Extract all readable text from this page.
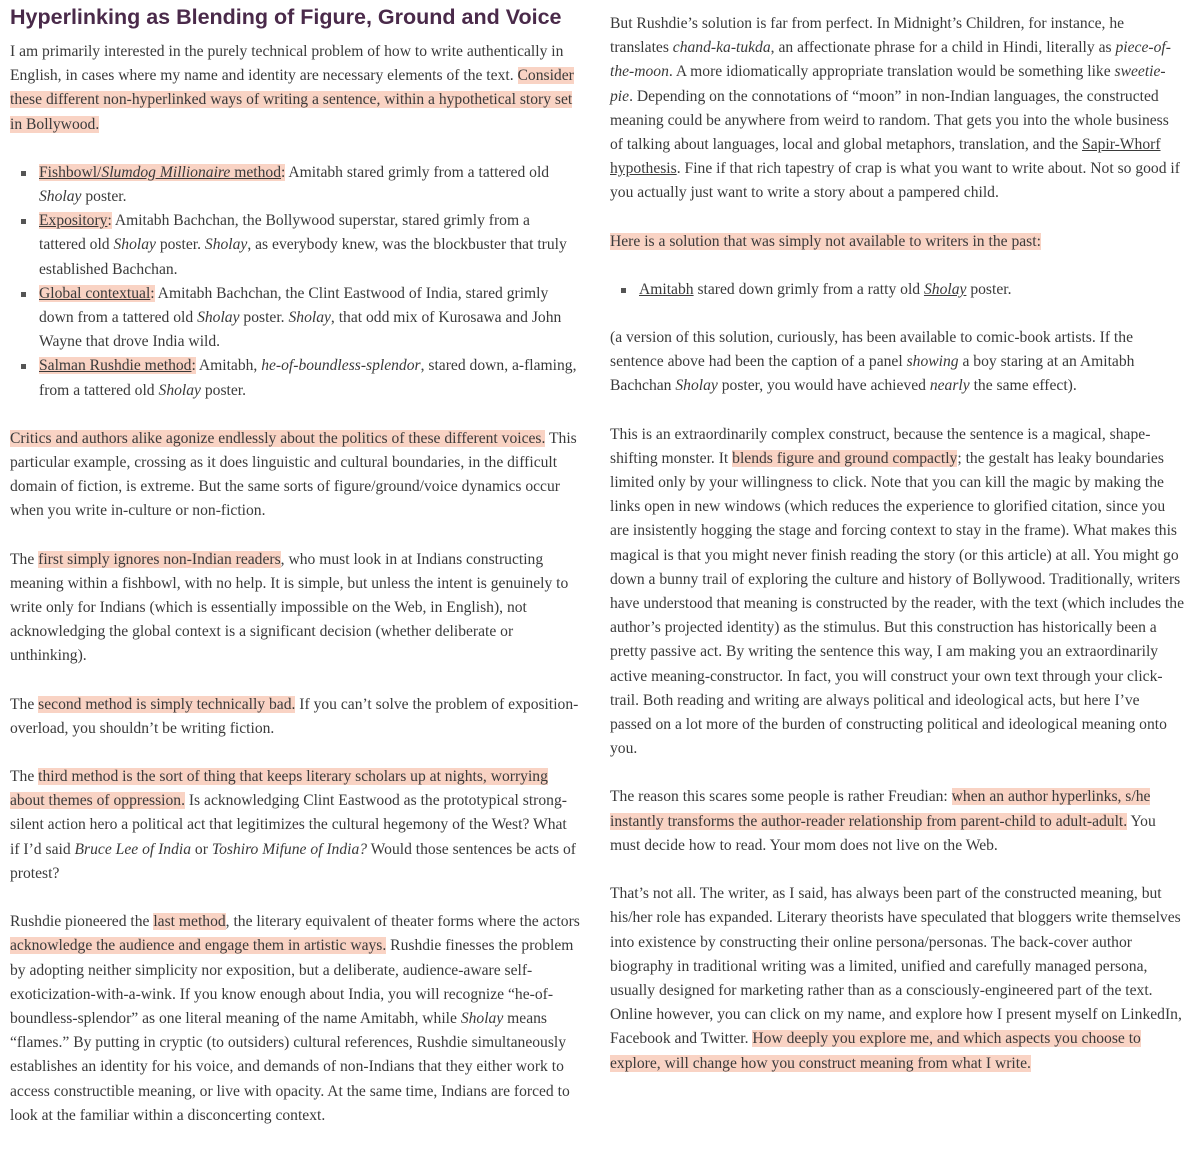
Hyperlinking as Blending of Figure, Ground and Voice

I am primarily interested in the purely technical problem of how to write authentically in English, in cases where my name and identity are necessary elements of the text. Consider these different non-hyperlinked ways of writing a sentence, within a hypothetical story set in Bollywood.

Fishbowl/Slumdog Millionaire method: Amitabh stared grimly from a tattered old Sholay poster.
Expository: Amitabh Bachchan, the Bollywood superstar, stared grimly from a tattered old Sholay poster. Sholay, as everybody knew, was the blockbuster that truly established Bachchan.
Global contextual: Amitabh Bachchan, the Clint Eastwood of India, stared grimly down from a tattered old Sholay poster. Sholay, that odd mix of Kurosawa and John Wayne that drove India wild.
Salman Rushdie method: Amitabh, he-of-boundless-splendor, stared down, a-flaming, from a tattered old Sholay poster.

Critics and authors alike agonize endlessly about the politics of these different voices. This particular example, crossing as it does linguistic and cultural boundaries, in the difficult domain of fiction, is extreme. But the same sorts of figure/ground/voice dynamics occur when you write in-culture or non-fiction.

The first simply ignores non-Indian readers, who must look in at Indians constructing meaning within a fishbowl, with no help. It is simple, but unless the intent is genuinely to write only for Indians (which is essentially impossible on the Web, in English), not acknowledging the global context is a significant decision (whether deliberate or unthinking).

The second method is simply technically bad. If you can’t solve the problem of exposition-overload, you shouldn’t be writing fiction.

The third method is the sort of thing that keeps literary scholars up at nights, worrying about themes of oppression. Is acknowledging Clint Eastwood as the prototypical strong-silent action hero a political act that legitimizes the cultural hegemony of the West? What if I’d said Bruce Lee of India or Toshiro Mifune of India? Would those sentences be acts of protest?

Rushdie pioneered the last method, the literary equivalent of theater forms where the actors acknowledge the audience and engage them in artistic ways. Rushdie finesses the problem by adopting neither simplicity nor exposition, but a deliberate, audience-aware self-exoticization-with-a-wink. If you know enough about India, you will recognize “he-of-boundless-splendor” as one literal meaning of the name Amitabh, while Sholay means “flames.” By putting in cryptic (to outsiders) cultural references, Rushdie simultaneously establishes an identity for his voice, and demands of non-Indians that they either work to access constructible meaning, or live with opacity. At the same time, Indians are forced to look at the familiar within a disconcerting context.

But Rushdie’s solution is far from perfect. In Midnight’s Children, for instance, he translates chand-ka-tukda, an affectionate phrase for a child in Hindi, literally as piece-of-the-moon. A more idiomatically appropriate translation would be something like sweetie-pie. Depending on the connotations of “moon” in non-Indian languages, the constructed meaning could be anywhere from weird to random. That gets you into the whole business of talking about languages, local and global metaphors, translation, and the Sapir-Whorf hypothesis. Fine if that rich tapestry of crap is what you want to write about. Not so good if you actually just want to write a story about a pampered child.

Here is a solution that was simply not available to writers in the past:

Amitabh stared down grimly from a ratty old Sholay poster.

(a version of this solution, curiously, has been available to comic-book artists. If the sentence above had been the caption of a panel showing a boy staring at an Amitabh Bachchan Sholay poster, you would have achieved nearly the same effect).

This is an extraordinarily complex construct, because the sentence is a magical, shape-shifting monster. It blends figure and ground compactly; the gestalt has leaky boundaries limited only by your willingness to click. Note that you can kill the magic by making the links open in new windows (which reduces the experience to glorified citation, since you are insistently hogging the stage and forcing context to stay in the frame). What makes this magical is that you might never finish reading the story (or this article) at all. You might go down a bunny trail of exploring the culture and history of Bollywood. Traditionally, writers have understood that meaning is constructed by the reader, with the text (which includes the author’s projected identity) as the stimulus. But this construction has historically been a pretty passive act. By writing the sentence this way, I am making you an extraordinarily active meaning-constructor. In fact, you will construct your own text through your click-trail. Both reading and writing are always political and ideological acts, but here I’ve passed on a lot more of the burden of constructing political and ideological meaning onto you.

The reason this scares some people is rather Freudian: when an author hyperlinks, s/he instantly transforms the author-reader relationship from parent-child to adult-adult. You must decide how to read. Your mom does not live on the Web.

That’s not all. The writer, as I said, has always been part of the constructed meaning, but his/her role has expanded. Literary theorists have speculated that bloggers write themselves into existence by constructing their online persona/personas. The back-cover author biography in traditional writing was a limited, unified and carefully managed persona, usually designed for marketing rather than as a consciously-engineered part of the text. Online however, you can click on my name, and explore how I present myself on LinkedIn, Facebook and Twitter. How deeply you explore me, and which aspects you choose to explore, will change how you construct meaning from what I write.
